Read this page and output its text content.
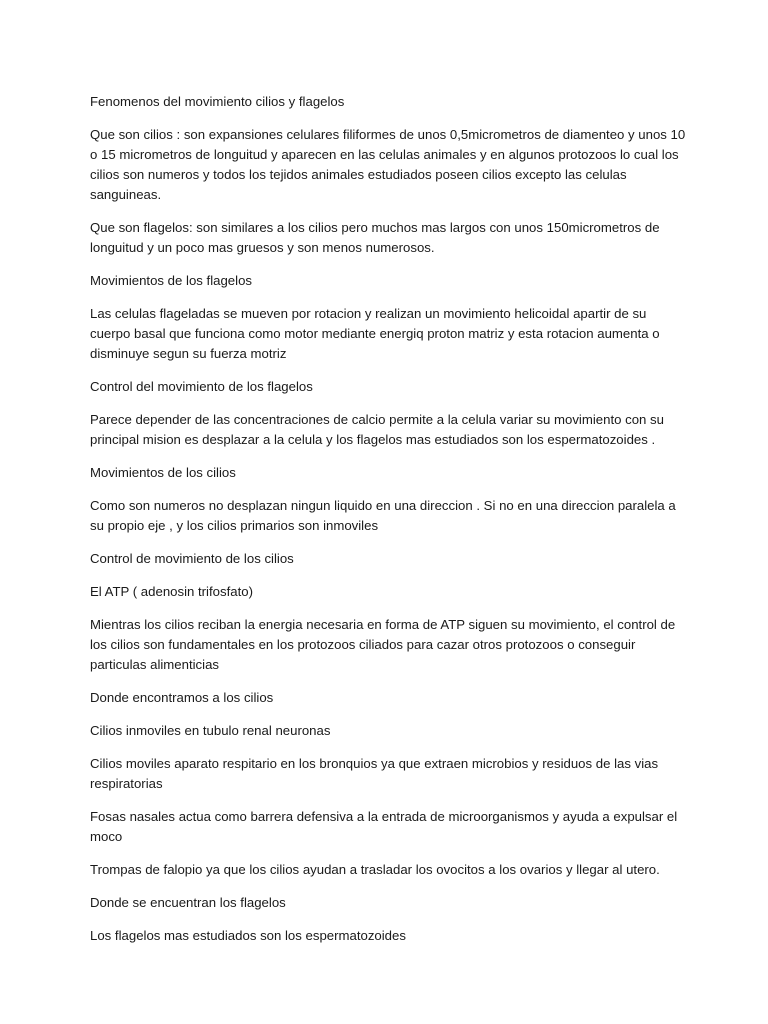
Fenomenos del movimiento cilios y flagelos

Que son cilios : son expansiones celulares filiformes de unos 0,5micrometros de diamenteo y unos 10 o 15 micrometros de longuitud y aparecen en las celulas animales y en algunos protozoos lo cual los cilios son numeros y todos los tejidos animales estudiados poseen cilios excepto las celulas sanguineas.

Que son flagelos: son similares a los cilios pero muchos mas largos con unos 150micrometros de longuitud y un poco mas gruesos y son menos numerosos.

Movimientos de los flagelos

Las celulas flageladas se mueven por rotacion y realizan un movimiento helicoidal apartir de su cuerpo basal que funciona como motor mediante energiq proton matriz y esta rotacion aumenta o disminuye segun su fuerza motriz

Control del movimiento de los flagelos

Parece depender de las concentraciones de calcio permite a la celula variar su movimiento con su principal mision es desplazar a la celula y los flagelos mas estudiados son los espermatozoides .

Movimientos de los cilios

Como son numeros no desplazan ningun liquido en una direccion . Si no en una direccion paralela a su propio eje , y los cilios primarios son inmoviles

Control de movimiento de los cilios

El ATP ( adenosin trifosfato)

Mientras los cilios reciban la energia necesaria en forma de ATP siguen su movimiento, el control de los cilios son fundamentales en los protozoos ciliados para cazar otros protozoos o conseguir particulas alimenticias

Donde encontramos a los cilios

Cilios inmoviles en tubulo renal neuronas

Cilios moviles aparato respitario en los bronquios ya que extraen microbios y residuos de las vias respiratorias

Fosas nasales actua como barrera defensiva a la entrada de microorganismos y ayuda a expulsar el moco

Trompas de falopio ya que los cilios ayudan a trasladar los ovocitos a los ovarios y llegar al utero.

Donde se encuentran los flagelos

Los flagelos mas estudiados son los espermatozoides
